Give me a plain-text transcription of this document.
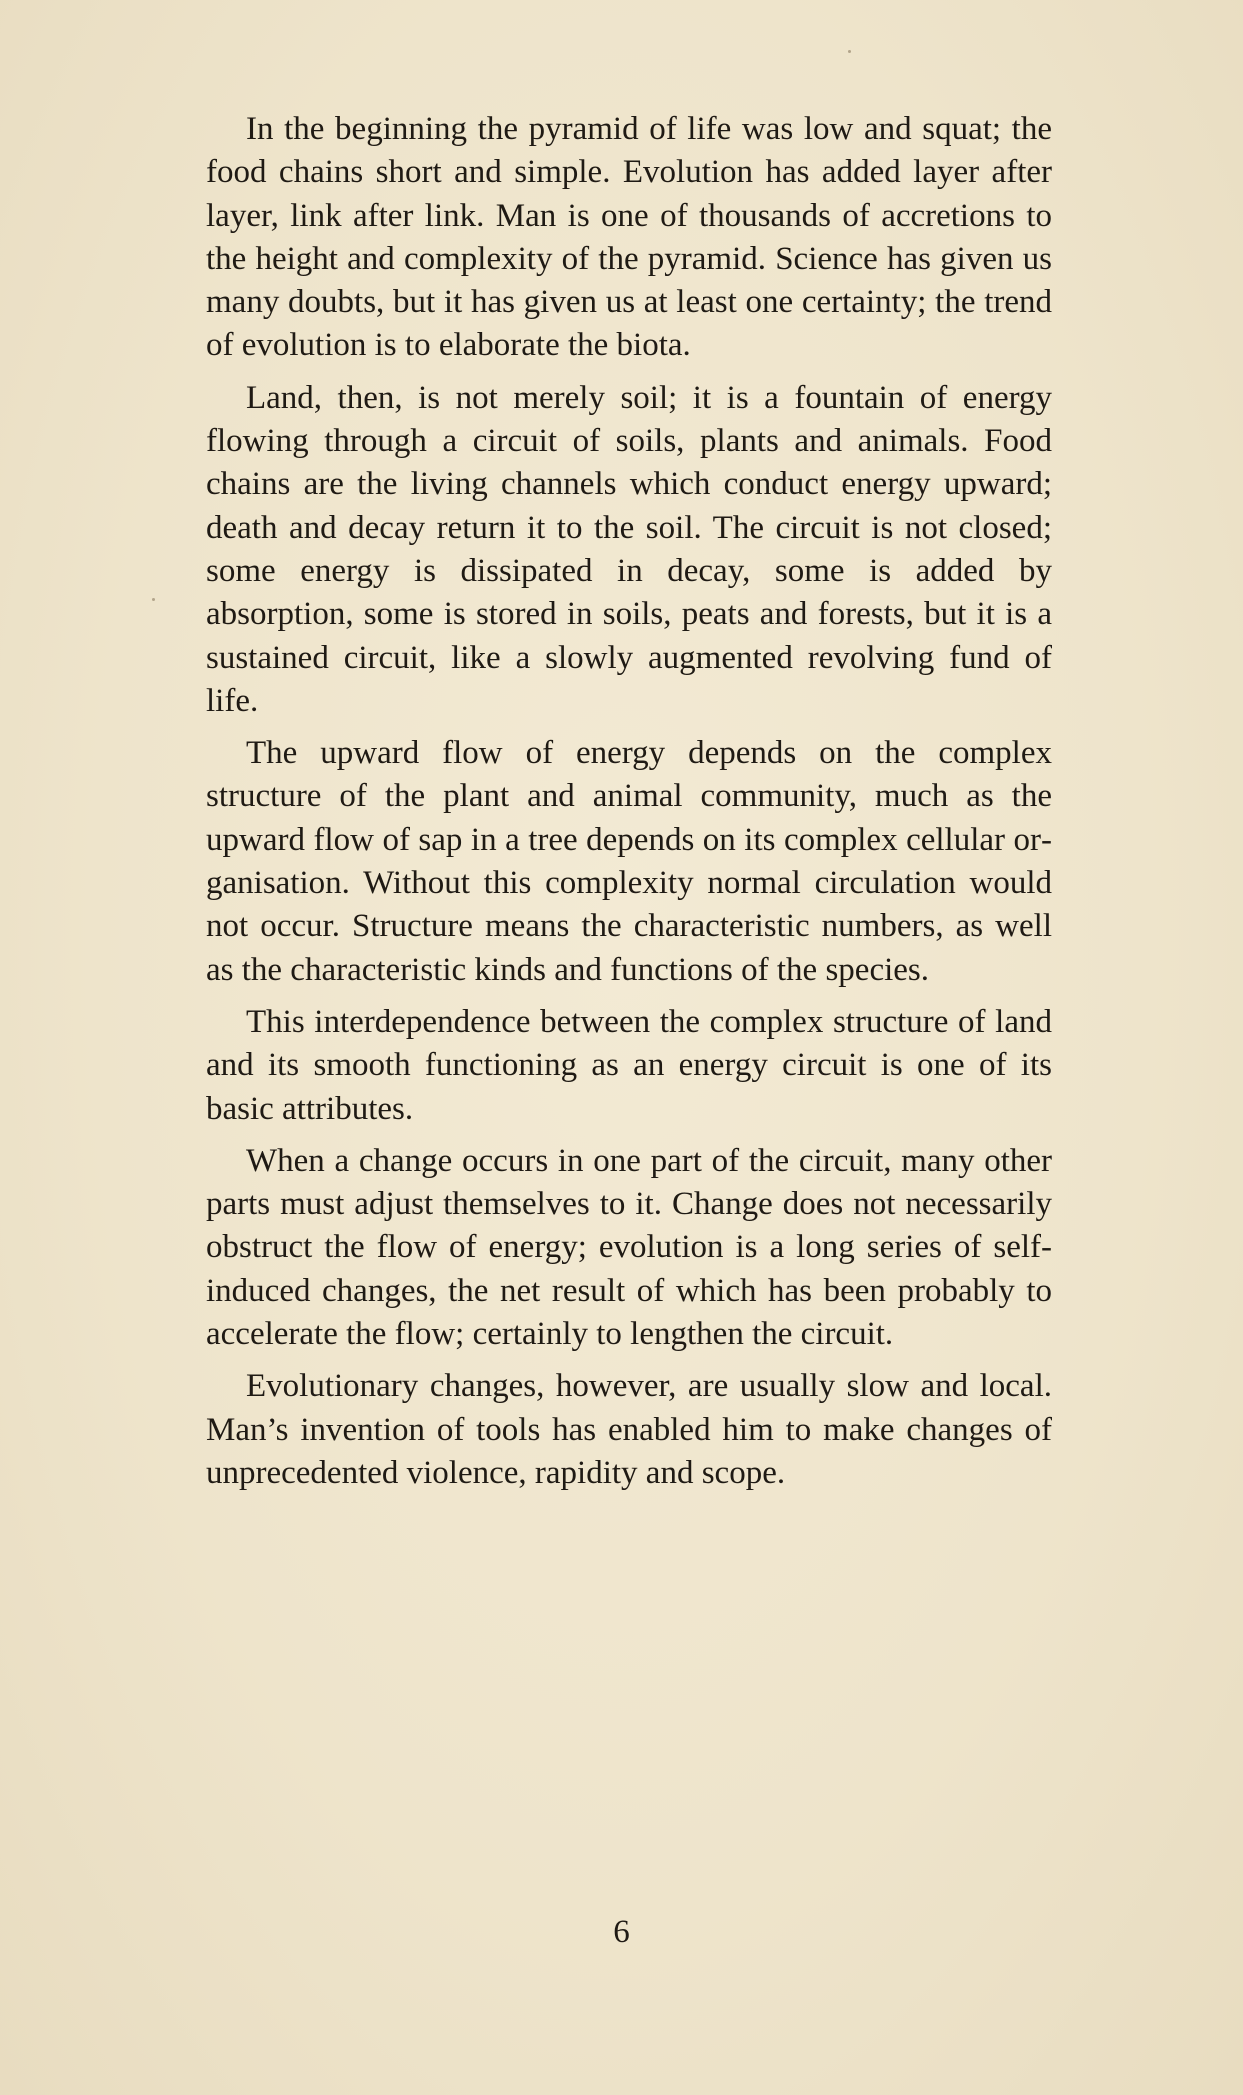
In the beginning the pyramid of life was low and squat; the food chains short and simple. Evolution has added layer after layer, link after link. Man is one of thousands of accretions to the height and complexity of the pyramid. Science has given us many doubts, but it has given us at least one certainty; the trend of evolution is to elaborate the biota.

Land, then, is not merely soil; it is a fountain of energy flowing through a circuit of soils, plants and animals. Food chains are the living channels which conduct energy upward; death and decay return it to the soil. The circuit is not closed; some energy is dissipated in decay, some is added by absorption, some is stored in soils, peats and forests, but it is a sustained circuit, like a slowly augmented revolving fund of life.

The upward flow of energy depends on the complex structure of the plant and animal community, much as the upward flow of sap in a tree depends on its complex cellular organisation. Without this complexity normal circulation would not occur. Structure means the characteristic numbers, as well as the characteristic kinds and functions of the species.

This interdependence between the complex structure of land and its smooth functioning as an energy circuit is one of its basic attributes.

When a change occurs in one part of the circuit, many other parts must adjust themselves to it. Change does not necessarily obstruct the flow of energy; evolution is a long series of self-induced changes, the net result of which has been probably to accelerate the flow; certainly to lengthen the circuit.

Evolutionary changes, however, are usually slow and local. Man’s invention of tools has enabled him to make changes of unprecedented violence, rapidity and scope.

6
